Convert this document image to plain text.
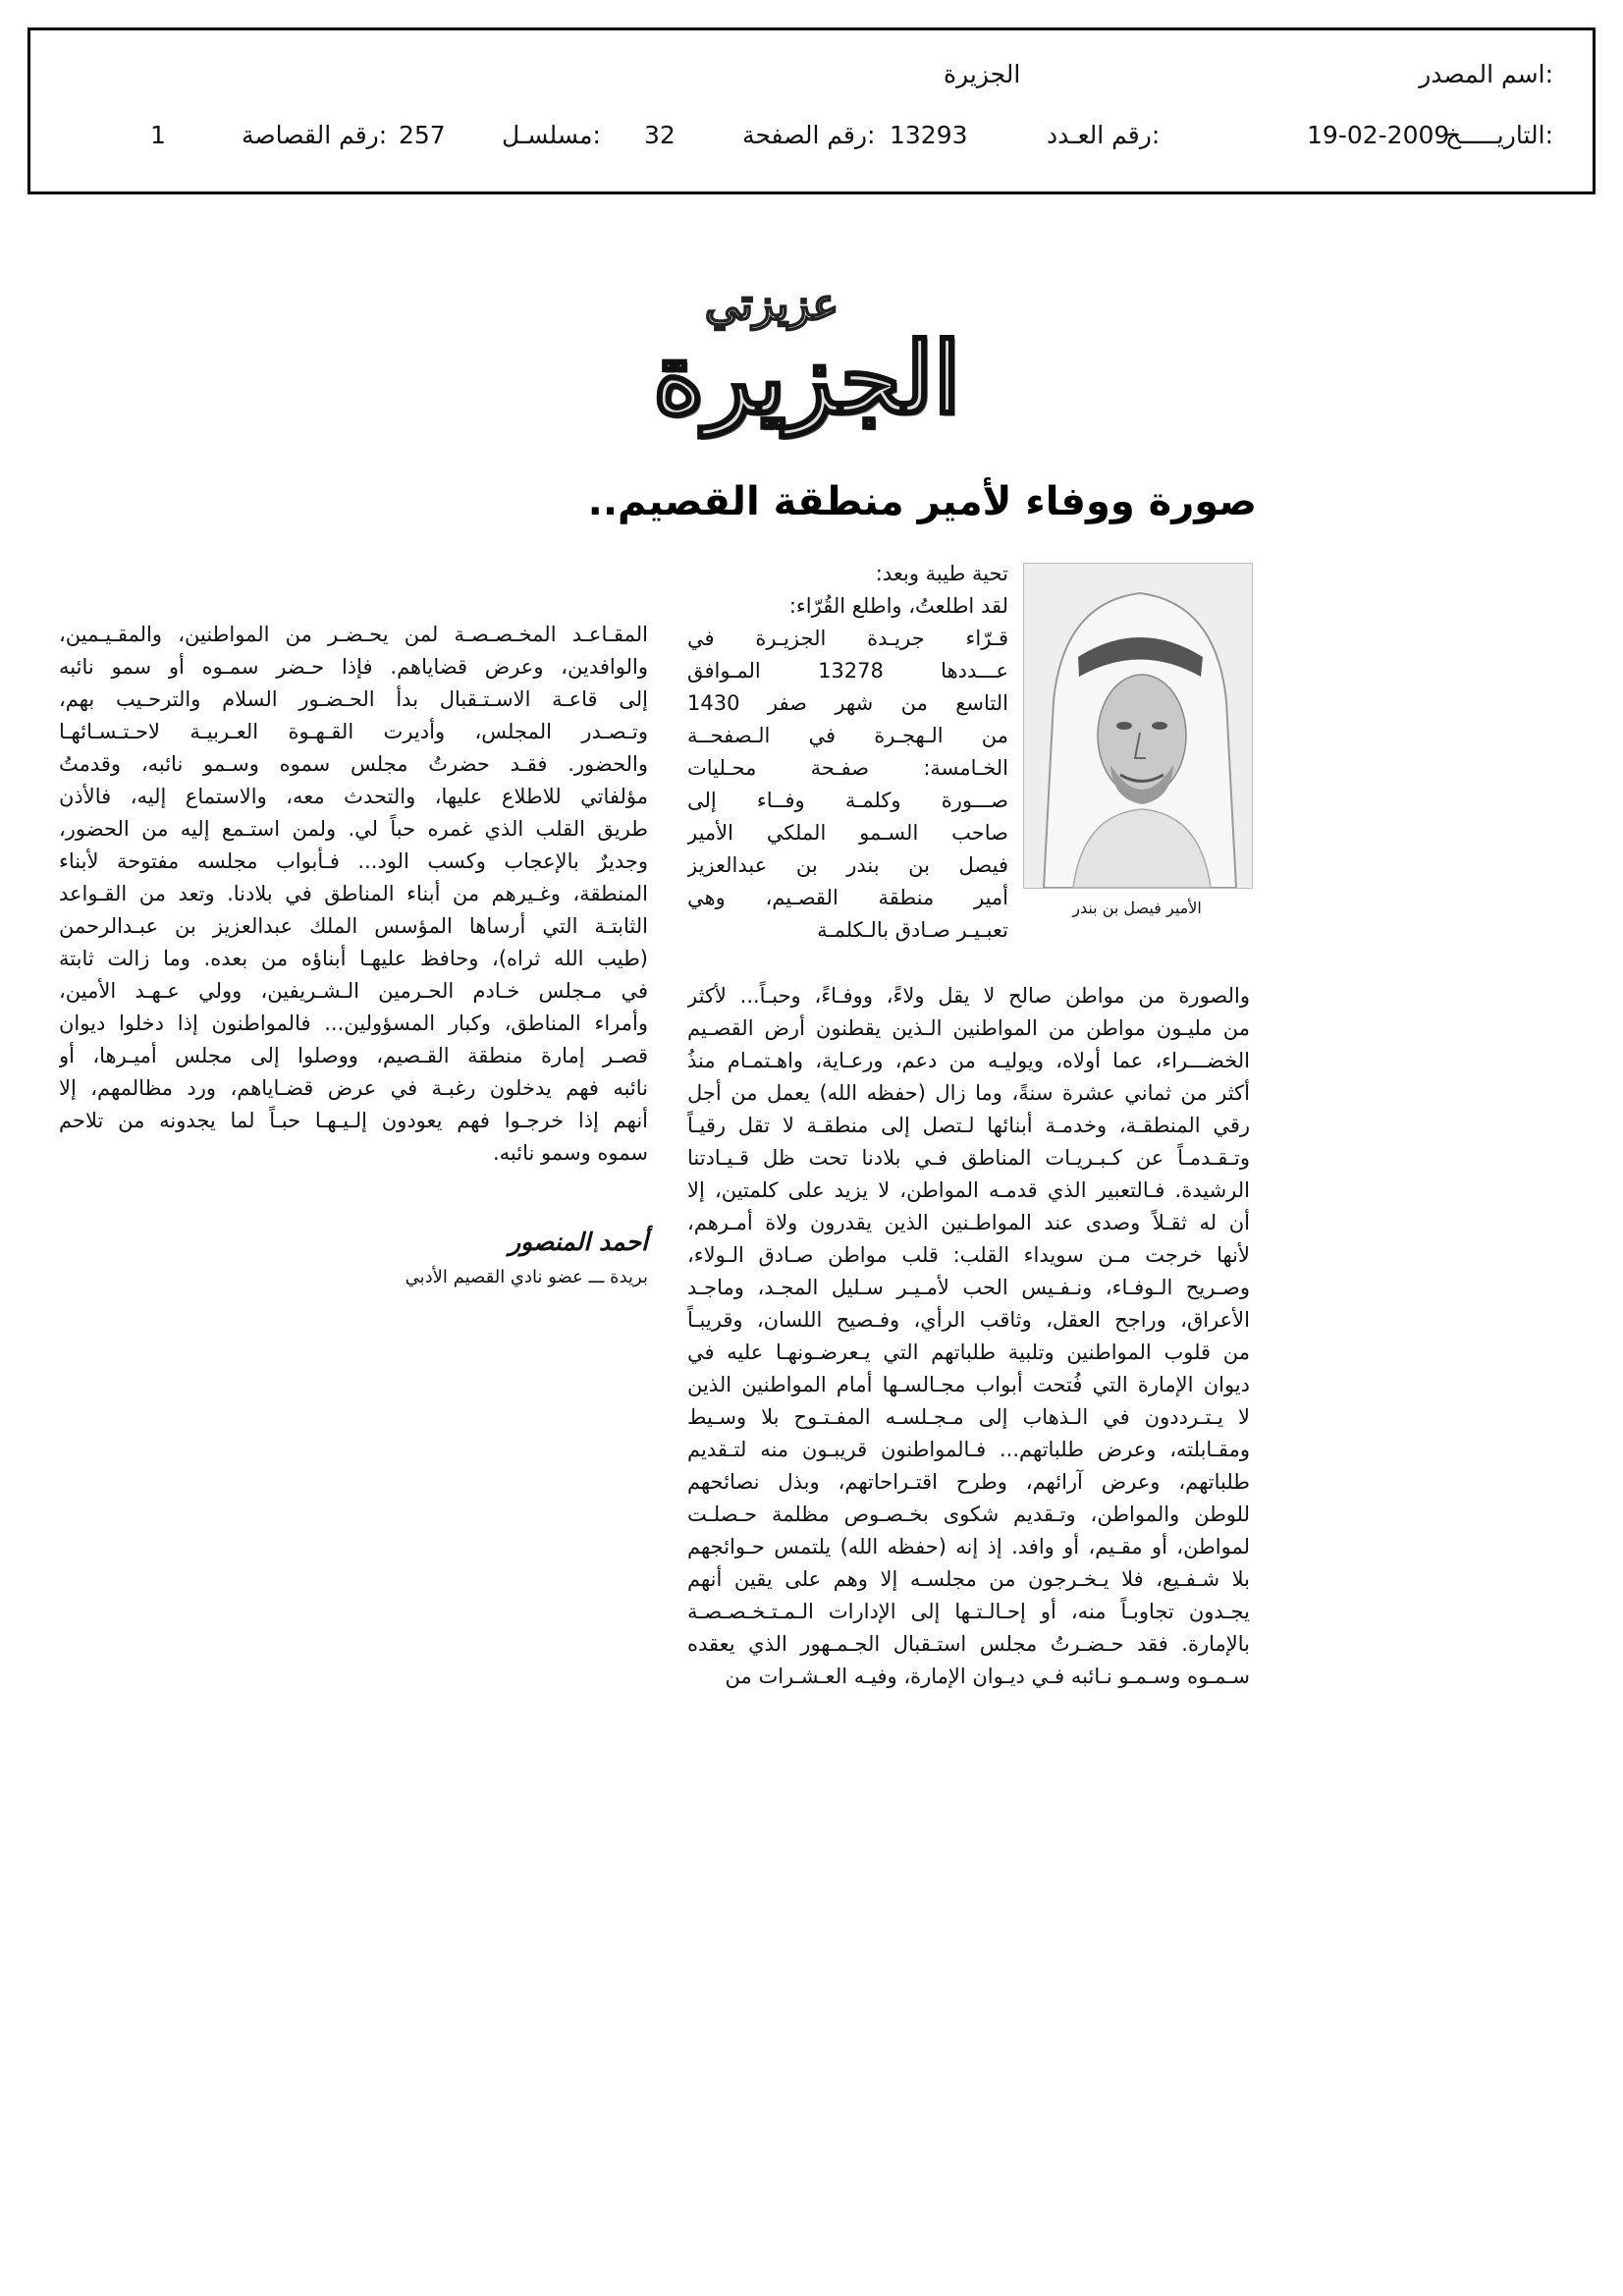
اسم المصدر:
الجزيرة
التاريـــــخ:
19-02-2009
رقم العـدد:
13293
رقم الصفحة:
32
مسلسـل:
257
رقم القصاصة:
1
عزيزتي
الجزيرة
صورة ووفاء لأمير منطقة القصيم..
الأمير فيصل بن بندر
تحية طيبة وبعد:
لقد اطلعتُ، واطلع القُرّاء:
قـرّاء جريـدة الجزيـرة في
عـــددها 13278 المـوافق
التاسع من شهر صفر 1430
من الـهجـرة في الـصفحــة
الخـامسة: صفـحة محـليات
صـــورة وكلمـة وفــاء إلى
صاحب السـمو الملكي الأمير
فيصل بن بندر بن عبدالعزيز
أمير منطقة القصـيم، وهي
تعبـيـر صـادق بالـكلمـة
والصورة من مواطن صالح لا يقل ولاءً، ووفـاءً، وحبـاً... لأكثر
من مليـون مواطن من المواطنين الـذين يقطنون أرض القصـيم
الخضـــراء، عما أولاه، ويوليـه من دعم، ورعـاية، واهـتمـام منذُ
أكثر من ثماني عشرة سنةً، وما زال (حفظه الله) يعمل من أجل
رقي المنطقـة، وخدمـة أبنائها لـتصل إلى منطقـة لا تقل رقيـاً
وتـقـدمـاً عن كـبـريـات المناطق فـي بلادنا تحت ظل قـيـادتنا
الرشيدة. فـالتعبير الذي قدمـه المواطن، لا يزيد على كلمتين، إلا
أن له ثقـلاً وصدى عند المواطـنين الذين يقدرون ولاة أمـرهم،
لأنها خرجت مـن سويداء القلب: قلب مواطن صـادق الـولاء،
وصـريح الـوفـاء، ونـفـيس الحب لأمـيـر سـليل المجـد، وماجـد
الأعراق، وراجح العقل، وثاقب الرأي، وفـصيح اللسان، وقريبـاً
من قلوب المواطنين وتلبية طلباتهم التي يـعرضـونهـا عليه في
ديوان الإمارة التي فُتحت أبواب مجـالسـها أمام المواطنين الذين
لا يـتـرددون في الـذهاب إلى مـجـلسـه المفـتـوح بلا وسـيط
ومقـابلته، وعرض طلباتهم... فـالمواطنون قريبـون منه لتـقديم
طلباتهم، وعرض آرائهم، وطرح اقتـراحاتهم، وبذل نصائحهم
للوطن والمواطن، وتـقديم شكوى بخـصـوص مظلمة حـصلـت
لمواطن، أو مقـيم، أو وافد. إذ إنه (حفظه الله) يلتمس حـوائجهم
بلا شـفـيع، فلا يـخـرجون من مجلسـه إلا وهم على يقين أنهم
يجـدون تجاوبـاً منه، أو إحـالـتـها إلى الإدارات الـمـتـخـصـصـة
بالإمارة. فقد حـضـرتُ مجلس استـقبال الجـمـهور الذي يعقده
سـمـوه وسـمـو نـائبه فـي ديـوان الإمارة، وفيـه العـشـرات من
المقـاعـد المخـصـصـة لمن يحـضـر من المواطنين، والمقـيـمين،
والوافدين، وعرض قضاياهم. فإذا حـضر سمـوه أو سمو نائبه
إلى قاعـة الاسـتـقبال بدأ الحـضـور السلام والترحـيب بهم،
وتـصـدر المجلس، وأديرت القـهـوة العـربيـة لاحـتـسـائهـا
والحضور. فقـد حضرتُ مجلس سموه وسـمو نائبه، وقدمتُ
مؤلفاتي للاطلاع عليها، والتحدث معه، والاستماع إليه، فالأذن
طريق القلب الذي غمره حباً لي. ولمن استـمع إليه من الحضور،
وجديرٌ بالإعجاب وكسب الود... فـأبواب مجلسه مفتوحة لأبناء
المنطقة، وغـيرهم من أبناء المناطق في بلادنا. وتعد من القـواعد
الثابتـة التي أرساها المؤسس الملك عبدالعزيز بن عبـدالرحمن
(طيب الله ثراه)، وحافظ عليهـا أبناؤه من بعده. وما زالت ثابتة
في مـجلس خـادم الحـرمين الـشـريفين، وولي عـهـد الأمين،
وأمراء المناطق، وكبار المسؤولين... فالمواطنون إذا دخلوا ديوان
قصـر إمارة منطقة القـصيم، ووصلوا إلى مجلس أميـرها، أو
نائبه فهم يدخلون رغبـة في عرض قضـاياهم، ورد مظالمهم، إلا
أنهم إذا خرجـوا فهم يعودون إلـيـهـا حبـاً لما يجدونه من تلاحم
سموه وسمو نائبه.
أحمد المنصور
بريدة ـــ عضو نادي القصيم الأدبي
